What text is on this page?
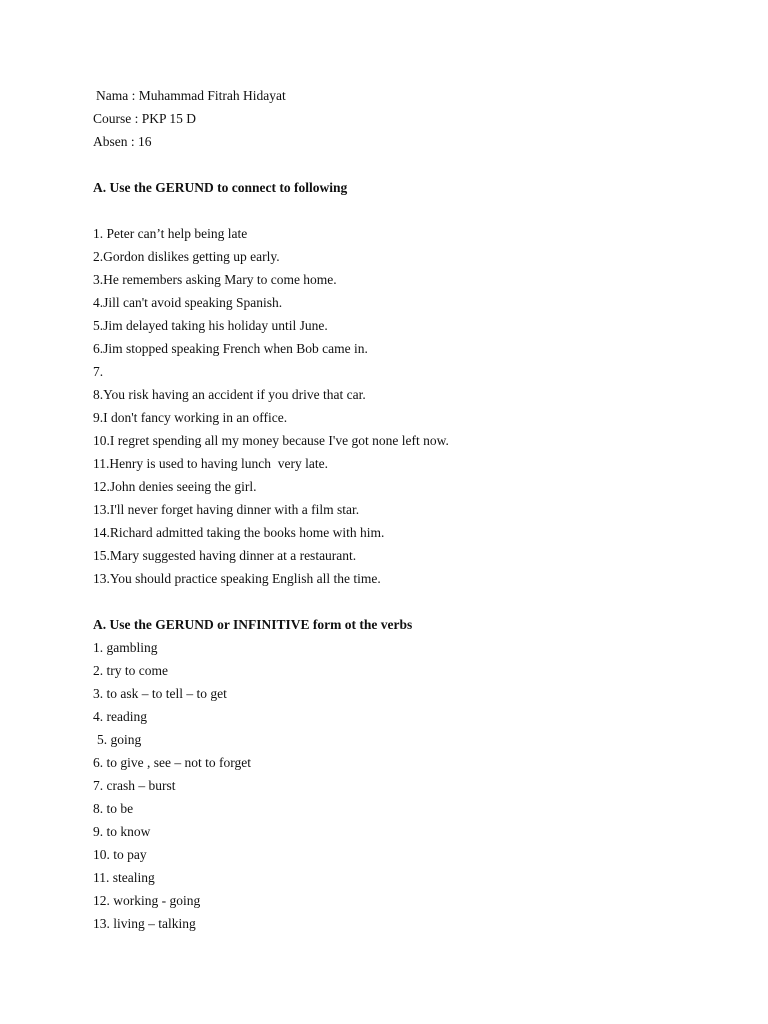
Nama : Muhammad Fitrah Hidayat
Course : PKP 15 D
Absen : 16
A. Use the GERUND to connect to following
1. Peter can’t help being late
2.Gordon dislikes getting up early.
3.He remembers asking Mary to come home.
4.Jill can't avoid speaking Spanish.
5.Jim delayed taking his holiday until June.
6.Jim stopped speaking French when Bob came in.
7.
8.You risk having an accident if you drive that car.
9.I don't fancy working in an office.
10.I regret spending all my money because I've got none left now.
11.Henry is used to having lunch  very late.
12.John denies seeing the girl.
13.I'll never forget having dinner with a film star.
14.Richard admitted taking the books home with him.
15.Mary suggested having dinner at a restaurant.
13.You should practice speaking English all the time.
A. Use the GERUND or INFINITIVE form ot the verbs
1. gambling
2. try to come
3. to ask – to tell – to get
4. reading
5. going
6. to give , see – not to forget
7. crash – burst
8. to be
9. to know
10. to pay
11. stealing
12. working - going
13. living – talking
